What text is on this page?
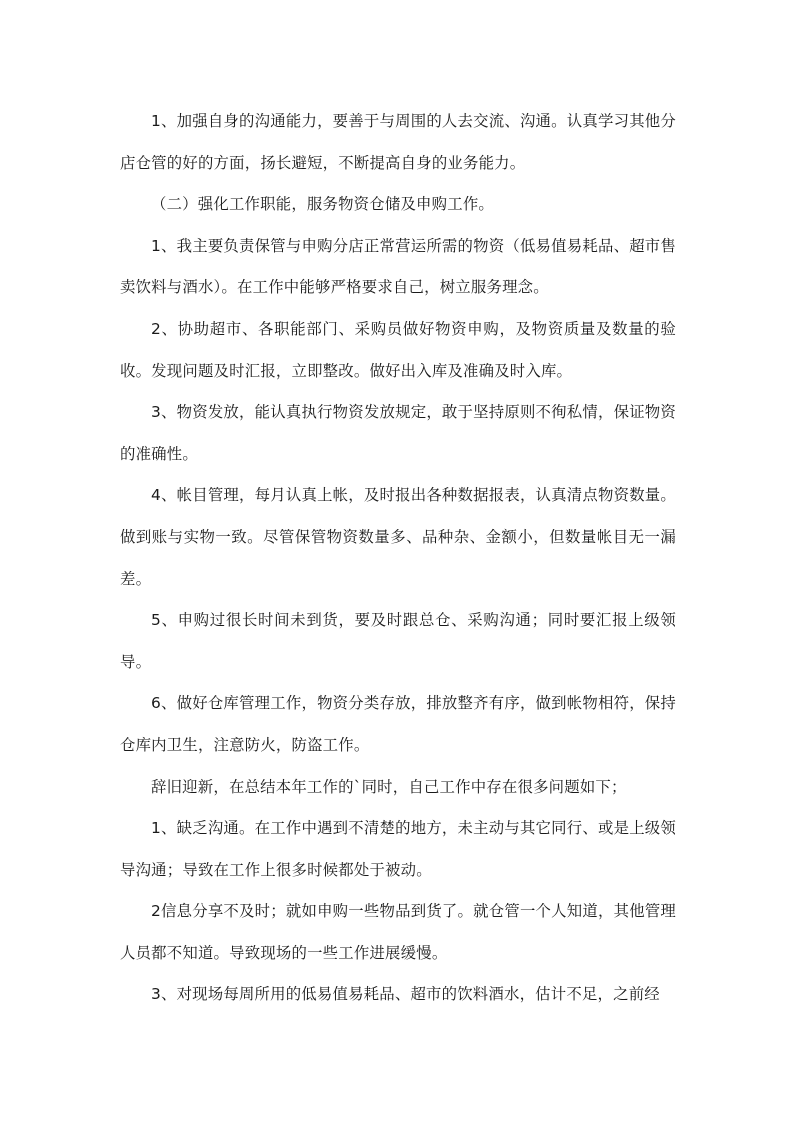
1、加强自身的沟通能力，要善于与周围的人去交流、沟通。认真学习其他分店仓管的好的方面，扬长避短，不断提高自身的业务能力。

（二）强化工作职能，服务物资仓储及申购工作。

1、我主要负责保管与申购分店正常营运所需的物资（低易值易耗品、超市售卖饮料与酒水）。在工作中能够严格要求自己，树立服务理念。

2、协助超市、各职能部门、采购员做好物资申购，及物资质量及数量的验收。发现问题及时汇报，立即整改。做好出入库及准确及时入库。

3、物资发放，能认真执行物资发放规定，敢于坚持原则不徇私情，保证物资的准确性。

4、帐目管理，每月认真上帐，及时报出各种数据报表，认真清点物资数量。做到账与实物一致。尽管保管物资数量多、品种杂、金额小，但数量帐目无一漏差。

5、申购过很长时间未到货，要及时跟总仓、采购沟通；同时要汇报上级领导。

6、做好仓库管理工作，物资分类存放，排放整齐有序，做到帐物相符，保持仓库内卫生，注意防火，防盗工作。

辞旧迎新，在总结本年工作的`同时，自己工作中存在很多问题如下；

1、缺乏沟通。在工作中遇到不清楚的地方，未主动与其它同行、或是上级领导沟通；导致在工作上很多时候都处于被动。

2信息分享不及时；就如申购一些物品到货了。就仓管一个人知道，其他管理人员都不知道。导致现场的一些工作进展缓慢。

3、对现场每周所用的低易值易耗品、超市的饮料酒水，估计不足，之前经
